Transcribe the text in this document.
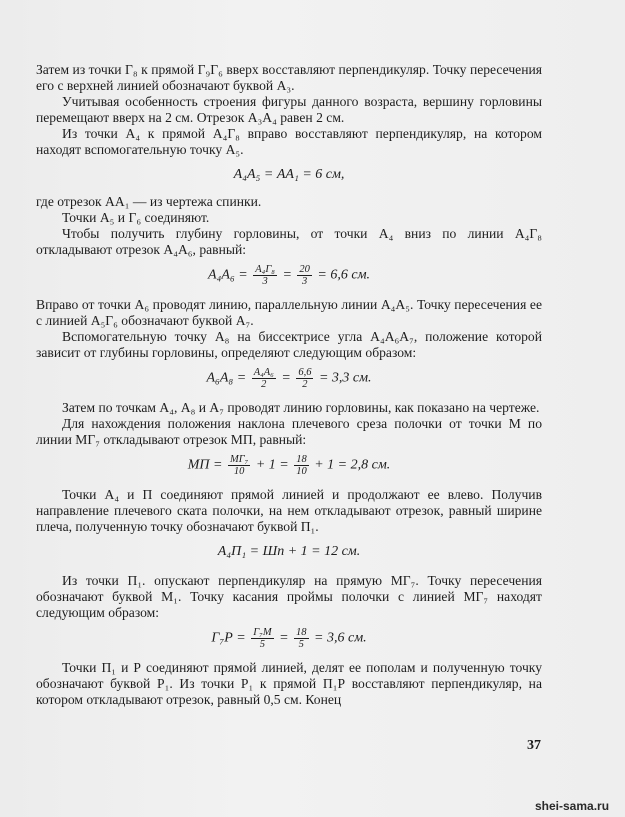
Затем из точки Г₈ к прямой Г₉Г₆ вверх восставляют перпендикуляр. Точку пересечения его с верхней линией обозначают буквой А₃.

Учитывая особенность строения фигуры данного возраста, вершину горловины перемещают вверх на 2 см. Отрезок А₃А₄ равен 2 см.

Из точки А₄ к прямой А₄Г₈ вправо восставляют перпендикуляр, на котором находят вспомогательную точку А₅.

А₄А₅ = АА₁ = 6 см,

где отрезок АА₁ — из чертежа спинки.

Точки А₅ и Г₆ соединяют.

Чтобы получить глубину горловины, от точки А₄ вниз по линии А₄Г₈ откладывают отрезок А₄А₆, равный:

$А_4А_6 = \frac{\text{А₄Г₈}}{3} = \frac{20}{3} = 6,6$ см.

Вправо от точки А₆ проводят линию, параллельную линии А₄А₅. Точку пересечения ее с линией А₅Г₆ обозначают буквой А₇.

Вспомогательную точку А₈ на биссектрисе угла А₄А₆А₇, положение которой зависит от глубины горловины, определяют следующим образом:

$А_6А_8 = \frac{\text{А₄А₆}}{2} = \frac{6,6}{2} = 3,3$ см.

Затем по точкам А₄, А₈ и А₇ проводят линию горловины, как показано на чертеже.

Для нахождения положения наклона плечевого среза полочки от точки М по линии МГ₇ откладывают отрезок МП, равный:

МП = $\frac{\text{МГ₇}}{10} + 1 = \frac{18}{10} + 1 = 2,8$ см.

Точки А₄ и П соединяют прямой линией и продолжают ее влево. Получив направление плечевого ската полочки, на нем откладывают отрезок, равный ширине плеча, полученную точку обозначают буквой П₁.

А₄П₁ = Шп + 1 = 12 см.

Из точки П₁. опускают перпендикуляр на прямую МГ₇. Точку пересечения обозначают буквой М₁. Точку касания проймы полочки с линией МГ₇ находят следующим образом:

$Г_7Р = \frac{\text{Г₇М}}{5} = \frac{18}{5} = 3,6$ см.

Точки П₁ и Р соединяют прямой линией, делят ее пополам и полученную точку обозначают буквой Р₁. Из точки Р₁ к прямой П₁Р восставляют перпендикуляр, на котором откладывают отрезок, равный 0,5 см. Конец

37
shei-sama.ru
